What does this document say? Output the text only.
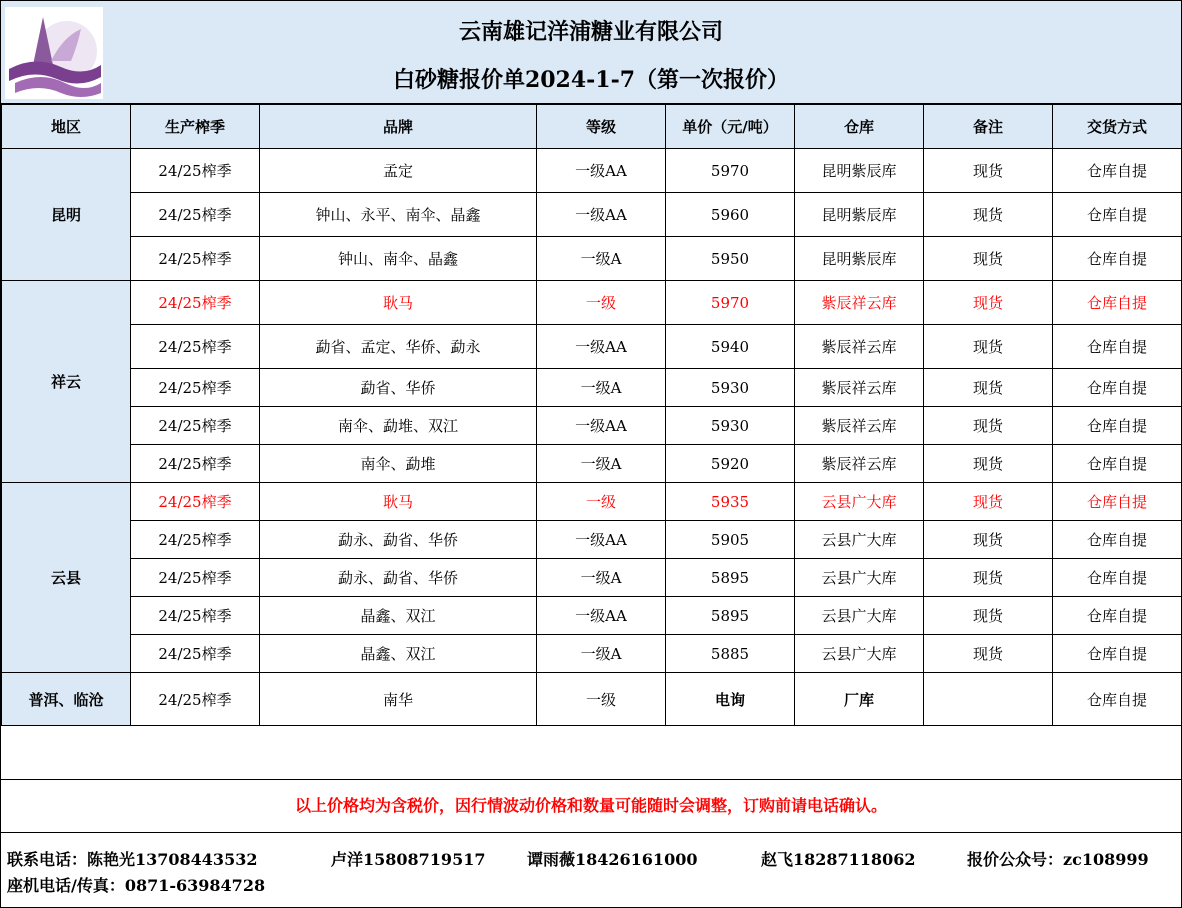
云南雄记洋浦糖业有限公司
白砂糖报价单2024-1-7（第一次报价）
地区	生产榨季	品牌	等级	单价（元/吨）	仓库	备注	交货方式
昆明	24/25榨季	孟定	一级AA	5970	昆明紫辰库	现货	仓库自提
	24/25榨季	钟山、永平、南伞、晶鑫	一级AA	5960	昆明紫辰库	现货	仓库自提
	24/25榨季	钟山、南伞、晶鑫	一级A	5950	昆明紫辰库	现货	仓库自提
祥云	24/25榨季	耿马	一级	5970	紫辰祥云库	现货	仓库自提
	24/25榨季	勐省、孟定、华侨、勐永	一级AA	5940	紫辰祥云库	现货	仓库自提
	24/25榨季	勐省、华侨	一级A	5930	紫辰祥云库	现货	仓库自提
	24/25榨季	南伞、勐堆、双江	一级AA	5930	紫辰祥云库	现货	仓库自提
	24/25榨季	南伞、勐堆	一级A	5920	紫辰祥云库	现货	仓库自提
云县	24/25榨季	耿马	一级	5935	云县广大库	现货	仓库自提
	24/25榨季	勐永、勐省、华侨	一级AA	5905	云县广大库	现货	仓库自提
	24/25榨季	勐永、勐省、华侨	一级A	5895	云县广大库	现货	仓库自提
	24/25榨季	晶鑫、双江	一级AA	5895	云县广大库	现货	仓库自提
	24/25榨季	晶鑫、双江	一级A	5885	云县广大库	现货	仓库自提
普洱、临沧	24/25榨季	南华	一级	电询	厂库		仓库自提
以上价格均为含税价，因行情波动价格和数量可能随时会调整，订购前请电话确认。
联系电话：陈艳光13708443532	卢洋15808719517	谭雨薇18426161000	赵飞18287118062	报价公众号：zc108999
座机电话/传真：0871-63984728
